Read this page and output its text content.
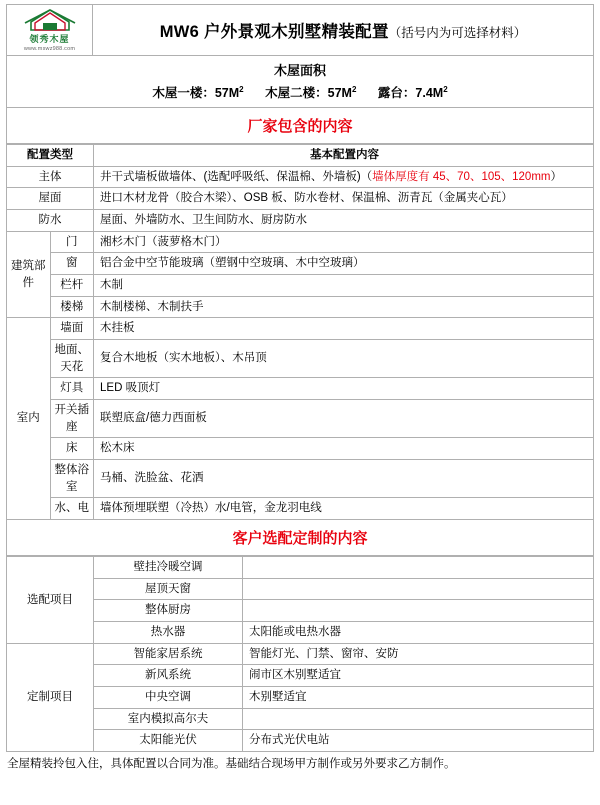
领秀木屋
www.mswz988.com
MW6 户外景观木别墅精装配置（括号内为可选择材料）
木屋面积
木屋一楼：$57M^2$ 木屋二楼：$57M^2$ 露台：$7.4M^2$
厂家包含的内容
配置类型		基本配置内容
主体		井干式墙板做墙体、(选配呼吸纸、保温棉、外墙板)（墙体厚度有 45、70、105、120mm）
屋面		进口木材龙骨（胶合木梁）、OSB 板、防水卷材、保温棉、沥青瓦（金属夹心瓦）
防水		屋面、外墙防水、卫生间防水、厨房防水
建筑部件	门	湘杉木门（菠萝格木门）
	窗	铝合金中空节能玻璃（塑钢中空玻璃、木中空玻璃）
	栏杆	木制
	楼梯	木制楼梯、木制扶手
室内	墙面	木挂板
	地面、天花	复合木地板（实木地板）、木吊顶
	灯具	LED 吸顶灯
	开关插座	联塑底盒/德力西面板
	床	松木床
	整体浴室	马桶、洗脸盆、花洒
	水、电	墙体预埋联塑（冷热）水/电管，金龙羽电线
客户选配定制的内容
选配项目	壁挂冷暖空调	
	屋顶天窗	
	整体厨房	
	热水器	太阳能或电热水器
定制项目	智能家居系统	智能灯光、门禁、窗帘、安防
	新风系统	闹市区木别墅适宜
	中央空调	木别墅适宜
	室内模拟高尔夫	
	太阳能光伏	分布式光伏电站
全屋精装拎包入住，具体配置以合同为准。基础结合现场甲方制作或另外要求乙方制作。
